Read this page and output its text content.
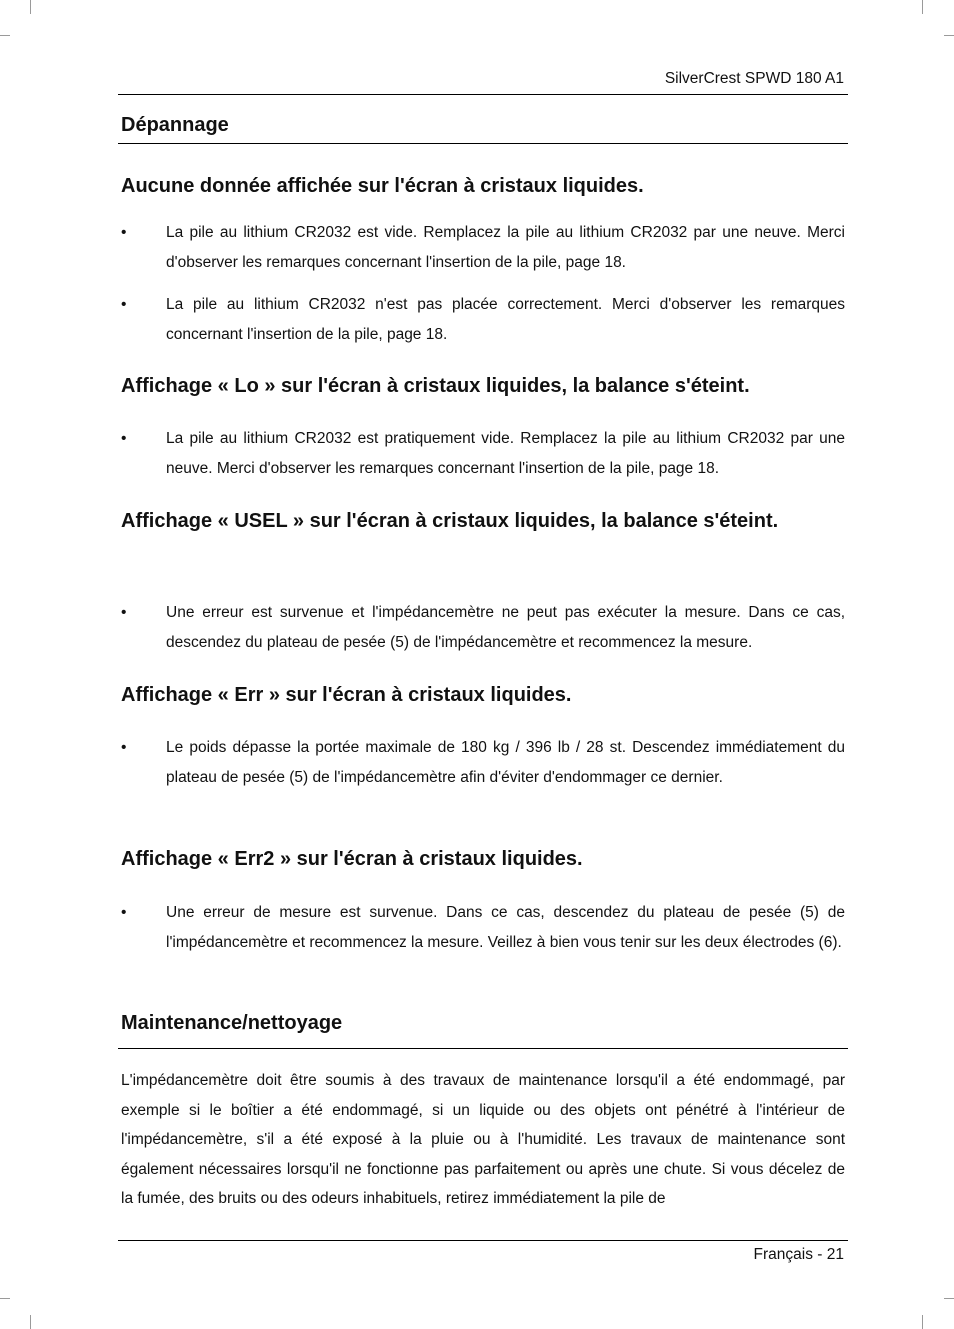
SilverCrest SPWD 180 A1
Dépannage
Aucune donnée affichée sur l'écran à cristaux liquides.
•	La pile au lithium CR2032 est vide. Remplacez la pile au lithium CR2032 par une neuve. Merci d'observer les remarques concernant l'insertion de la pile, page 18.
•	La pile au lithium CR2032 n'est pas placée correctement. Merci d'observer les remarques concernant l'insertion de la pile, page 18.
Affichage « Lo » sur l'écran à cristaux liquides, la balance s'éteint.
•	La pile au lithium CR2032 est pratiquement vide. Remplacez la pile au lithium CR2032 par une neuve. Merci d'observer les remarques concernant l'insertion de la pile, page 18.
Affichage « USEL » sur l'écran à cristaux liquides, la balance s'éteint.
•	Une erreur est survenue et l'impédancemètre ne peut pas exécuter la mesure. Dans ce cas, descendez du plateau de pesée (5) de l'impédancemètre et recommencez la mesure.
Affichage « Err » sur l'écran à cristaux liquides.
•	Le poids dépasse la portée maximale de 180 kg / 396 lb / 28 st. Descendez immédiatement du plateau de pesée (5) de l'impédancemètre afin d'éviter d'endommager ce dernier.
Affichage « Err2 » sur l'écran à cristaux liquides.
•	Une erreur de mesure est survenue. Dans ce cas, descendez du plateau de pesée (5) de l'impédancemètre et recommencez la mesure. Veillez à bien vous tenir sur les deux électrodes (6).
Maintenance/nettoyage
L'impédancemètre doit être soumis à des travaux de maintenance lorsqu'il a été endommagé, par exemple si le boîtier a été endommagé, si un liquide ou des objets ont pénétré à l'intérieur de l'impédancemètre, s'il a été exposé à la pluie ou à l'humidité. Les travaux de maintenance sont également nécessaires lorsqu'il ne fonctionne pas parfaitement ou après une chute. Si vous décelez de la fumée, des bruits ou des odeurs inhabituels, retirez immédiatement la pile de
Français - 21
